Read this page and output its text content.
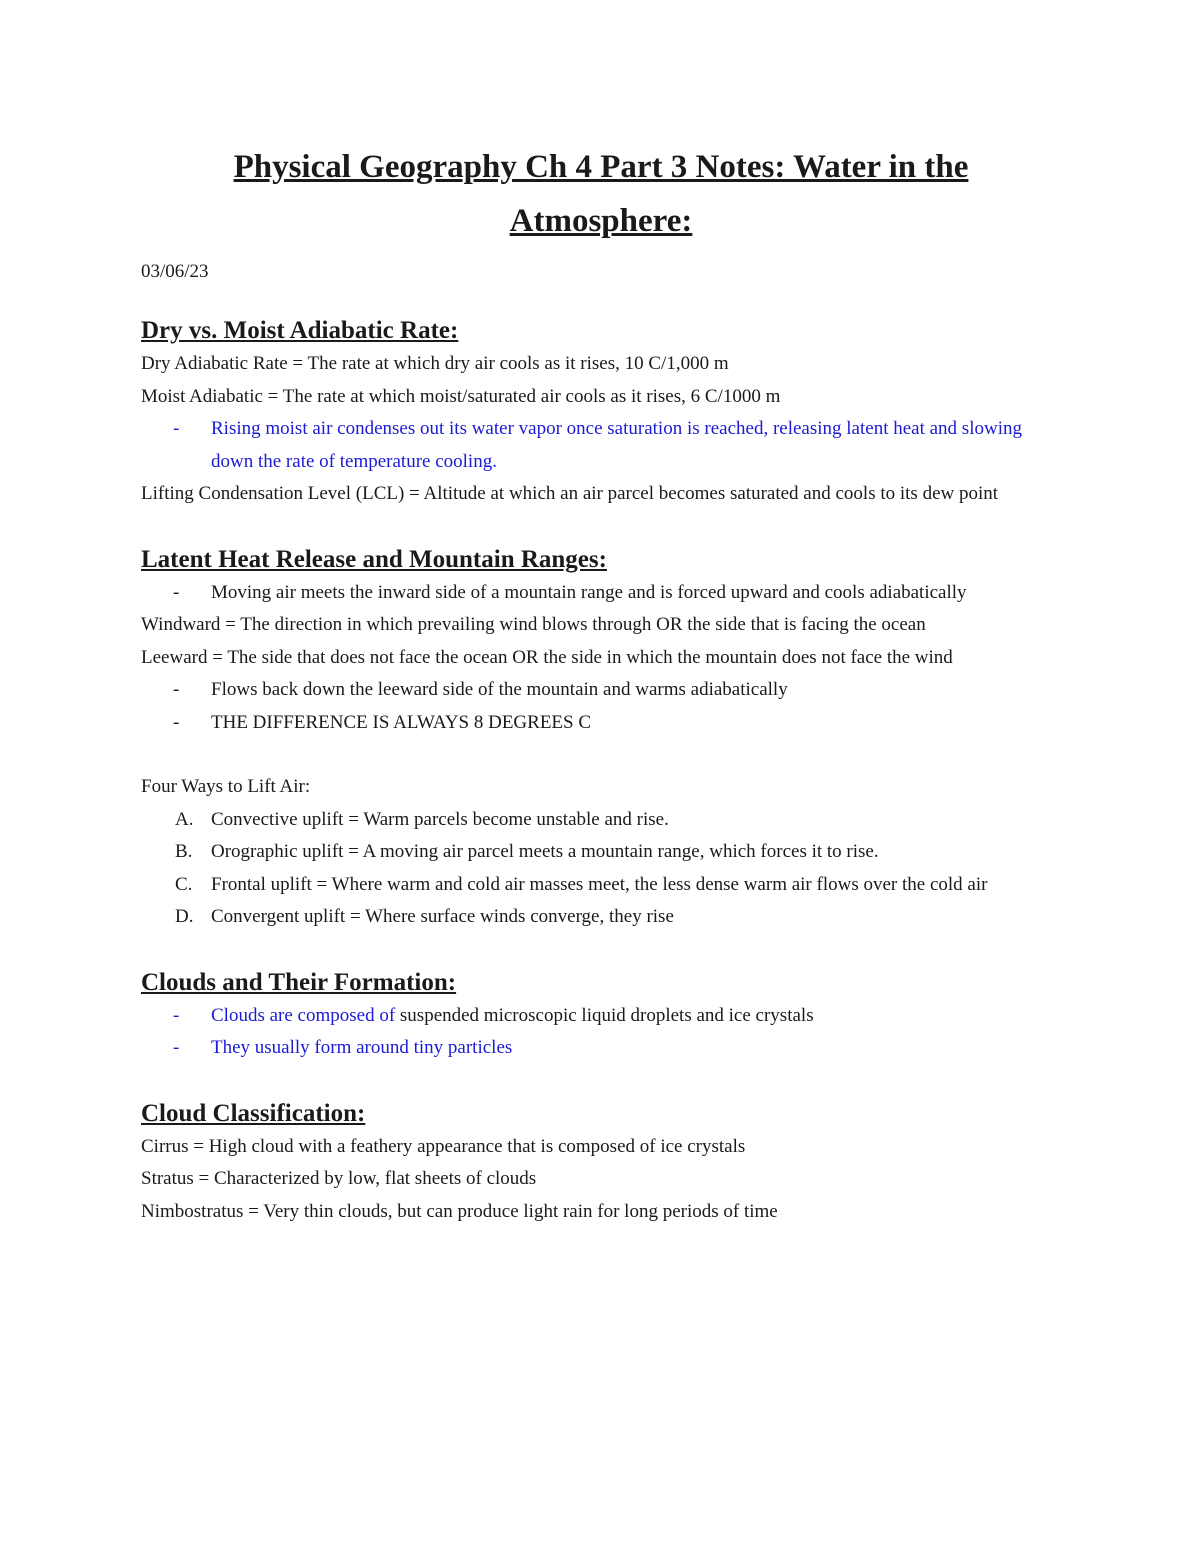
Physical Geography Ch 4 Part 3 Notes: Water in the Atmosphere:
03/06/23
Dry vs. Moist Adiabatic Rate:
Dry Adiabatic Rate = The rate at which dry air cools as it rises, 10 C/1,000 m
Moist Adiabatic = The rate at which moist/saturated air cools as it rises, 6 C/1000 m
- Rising moist air condenses out its water vapor once saturation is reached, releasing latent heat and slowing down the rate of temperature cooling.
Lifting Condensation Level (LCL) = Altitude at which an air parcel becomes saturated and cools to its dew point
Latent Heat Release and Mountain Ranges:
- Moving air meets the inward side of a mountain range and is forced upward and cools adiabatically
Windward = The direction in which prevailing wind blows through OR the side that is facing the ocean
Leeward = The side that does not face the ocean OR the side in which the mountain does not face the wind
- Flows back down the leeward side of the mountain and warms adiabatically
- THE DIFFERENCE IS ALWAYS 8 DEGREES C
Four Ways to Lift Air:
A. Convective uplift = Warm parcels become unstable and rise.
B. Orographic uplift = A moving air parcel meets a mountain range, which forces it to rise.
C. Frontal uplift = Where warm and cold air masses meet, the less dense warm air flows over the cold air
D. Convergent uplift = Where surface winds converge, they rise
Clouds and Their Formation:
- Clouds are composed of suspended microscopic liquid droplets and ice crystals
- They usually form around tiny particles
Cloud Classification:
Cirrus = High cloud with a feathery appearance that is composed of ice crystals
Stratus = Characterized by low, flat sheets of clouds
Nimbostratus = Very thin clouds, but can produce light rain for long periods of time
